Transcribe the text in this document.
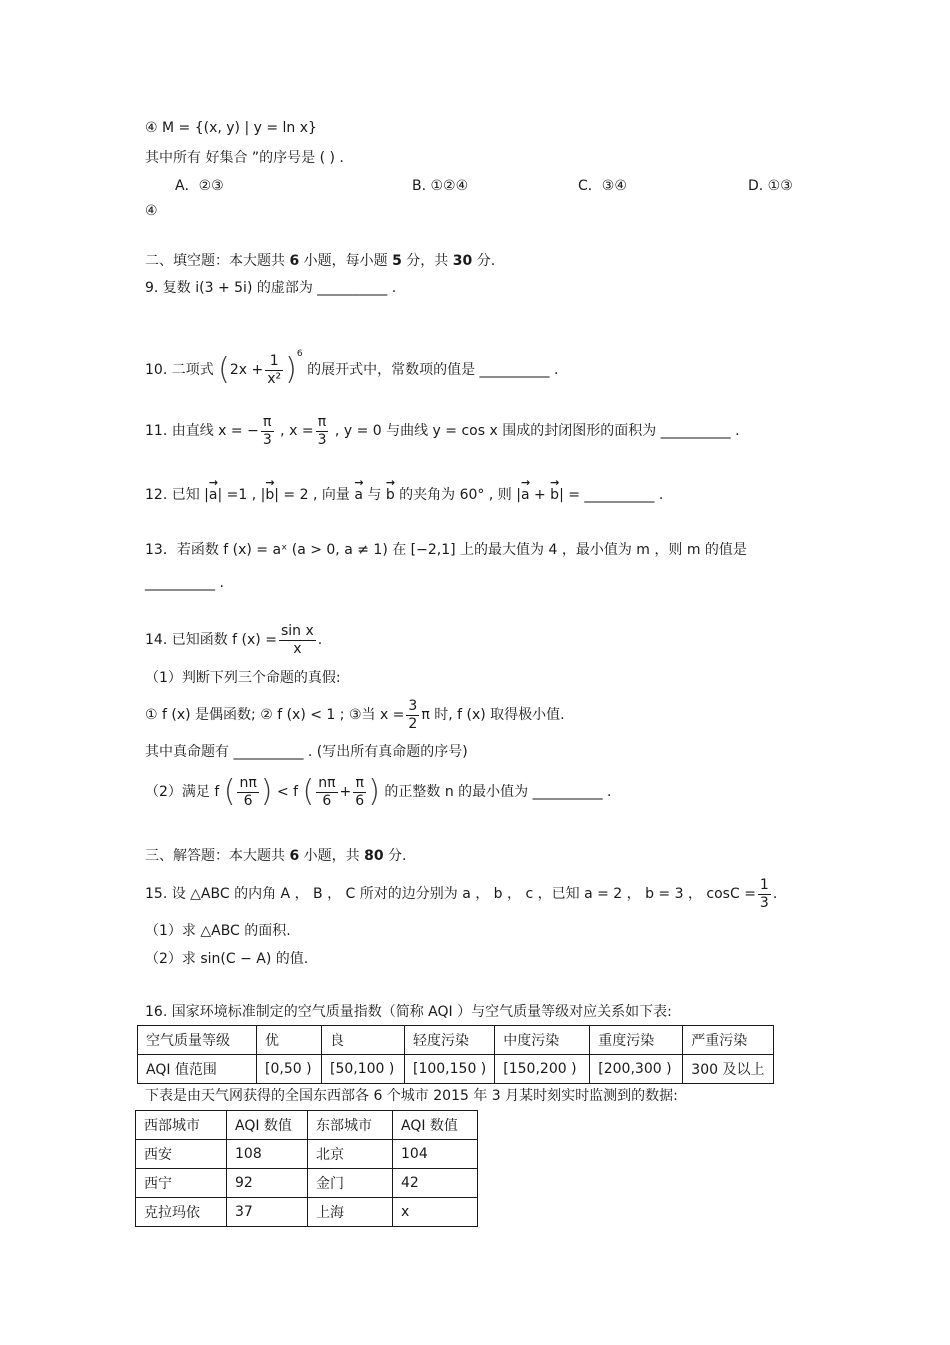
④ M = {(x, y) | y = ln x}
其中所有 好集合 ”的序号是 ( ) .
A．②③	B. ①②④	C．③④	D. ①③
④
二、填空题：本大题共 6 小题，每小题 5 分，共 30 分.
9. 复数 i(3 + 5i) 的虚部为 __________ .
10. 二项式 $(2x + \frac{1}{\text{x²}} )^6$ 的展开式中，常数项的值是 __________ .
11. 由直线 x = − $\frac{\pi}{3}$ , $x = \frac{\pi}{3}$ , y = 0 与曲线 y = cos x 围成的封闭图形的面积为 __________ .
12. 已知 |→ a| =1 , |→ b| = 2 , 向量 → a 与 → b 的夹角为 60° , 则 |→ a + → b| = __________ .
13．若函数 f (x) = aˣ (a > 0, a ≠ 1) 在 [−2,1] 上的最大值为 4 ，最小值为 m ，则 m 的值是
__________ .
14. 已知函数 f $(x) = \frac{\text{sin x}}{x}$ .
（1）判断下列三个命题的真假:
① f (x) 是偶函数; ② f (x) < 1 ; ③当 $x = \frac{3}{2}$ π 时, f (x) 取得极小值.
其中真命题有 __________ . (写出所有真命题的序号)
（2）满足 f ( $\frac{n\pi}{6}$ ) < f ( $\frac{n\pi}{6} + \frac{\pi}{6}$ ) 的正整数 n 的最小值为 __________ .
三、解答题：本大题共 6 小题，共 80 分.
15. 设 △ABC 的内角 A ， B ， C 所对的边分别为 a ， b ， c ，已知 a = 2 ， b = 3 ， $\cos C = \frac{1}{3}$ .
（1）求 △ABC 的面积.
（2）求 sin(C − A) 的值.
16. 国家环境标准制定的空气质量指数（简称 AQI ）与空气质量等级对应关系如下表:
空气质量等级	优	良	轻度污染	中度污染	重度污染	严重污染
AQI 值范围	[0,50 )	[50,100 )	[100,150 )	[150,200 )	[200,300 )	300 及以上
下表是由天气网获得的全国东西部各 6 个城市 2015 年 3 月某时刻实时监测到的数据:
西部城市	AQI 数值	东部城市	AQI 数值
西安	108	北京	104
西宁	92	金门	42
克拉玛依	37	上海	x
